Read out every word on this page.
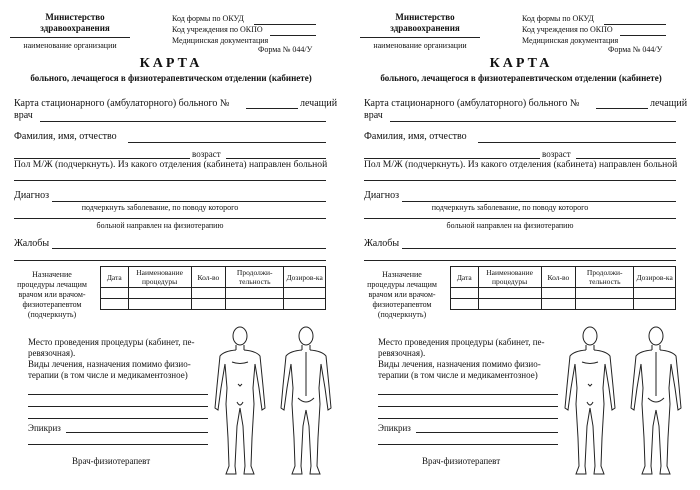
Министерство
здравоохранения
наименование организации
Код формы по ОКУД
Код учреждения по ОКПО
Медицинская документация
Форма № 044/У
КАРТА
больного, лечащегося в физиотерапевтическом отделении (кабинете)
Карта стационарного (амбулаторного) больного №	лечащий
врач
Фамилия, имя, отчество
возраст
Пол М/Ж (подчеркнуть). Из какого отделения (кабинета) направлен больной
Диагноз
подчеркнуть заболевание, по поводу которого
больной направлен на физиотерапию
Жалобы
Назначение
процедуры лечащим
врачом или врачом-
физиотерапевтом
(подчеркнуть)
Дата	Наименование процедуры	Кол-во	Продолжи-тельность	Дозиров-ка

Место проведения процедуры (кабинет, пе-
ревязочная).
Виды лечения, назначения помимо физио-
терапии (в том числе и медикаментозное)
Эпикриз
Врач-физиотерапевт
Министерство
здравоохранения
наименование организации
Код формы по ОКУД
Код учреждения по ОКПО
Медицинская документация
Форма № 044/У
КАРТА
больного, лечащегося в физиотерапевтическом отделении (кабинете)
Карта стационарного (амбулаторного) больного №	лечащий
врач
Фамилия, имя, отчество
возраст
Пол М/Ж (подчеркнуть). Из какого отделения (кабинета) направлен больной
Диагноз
подчеркнуть заболевание, по поводу которого
больной направлен на физиотерапию
Жалобы
Назначение
процедуры лечащим
врачом или врачом-
физиотерапевтом
(подчеркнуть)
Дата	Наименование процедуры	Кол-во	Продолжи-тельность	Дозиров-ка

Место проведения процедуры (кабинет, пе-
ревязочная).
Виды лечения, назначения помимо физио-
терапии (в том числе и медикаментозное)
Эпикриз
Врач-физиотерапевт
